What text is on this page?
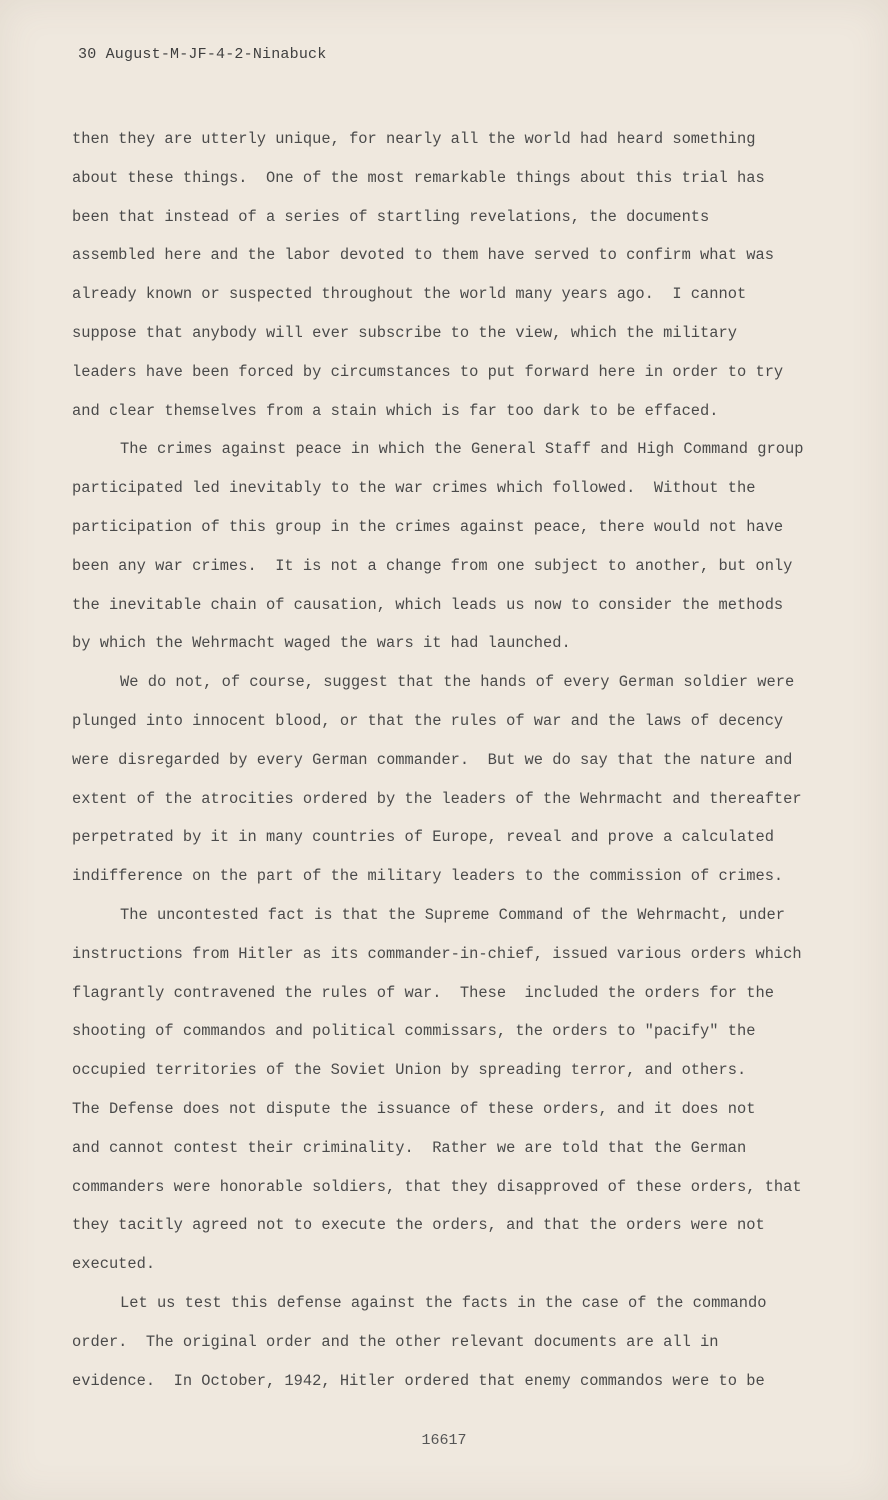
30 August-M-JF-4-2-Ninabuck
then they are utterly unique, for nearly all the world had heard something
about these things.  One of the most remarkable things about this trial has
been that instead of a series of startling revelations, the documents
assembled here and the labor devoted to them have served to confirm what was
already known or suspected throughout the world many years ago.  I cannot
suppose that anybody will ever subscribe to the view, which the military
leaders have been forced by circumstances to put forward here in order to try
and clear themselves from a stain which is far too dark to be effaced.
The crimes against peace in which the General Staff and High Command group
participated led inevitably to the war crimes which followed.  Without the
participation of this group in the crimes against peace, there would not have
been any war crimes.  It is not a change from one subject to another, but only
the inevitable chain of causation, which leads us now to consider the methods
by which the Wehrmacht waged the wars it had launched.
We do not, of course, suggest that the hands of every German soldier were
plunged into innocent blood, or that the rules of war and the laws of decency
were disregarded by every German commander.  But we do say that the nature and
extent of the atrocities ordered by the leaders of the Wehrmacht and thereafter
perpetrated by it in many countries of Europe, reveal and prove a calculated
indifference on the part of the military leaders to the commission of crimes.
The uncontested fact is that the Supreme Command of the Wehrmacht, under
instructions from Hitler as its commander-in-chief, issued various orders which
flagrantly contravened the rules of war.  These  included the orders for the
shooting of commandos and political commissars, the orders to "pacify" the
occupied territories of the Soviet Union by spreading terror, and others.
The Defense does not dispute the issuance of these orders, and it does not
and cannot contest their criminality.  Rather we are told that the German
commanders were honorable soldiers, that they disapproved of these orders, that
they tacitly agreed not to execute the orders, and that the orders were not
executed.
Let us test this defense against the facts in the case of the commando
order.  The original order and the other relevant documents are all in
evidence.  In October, 1942, Hitler ordered that enemy commandos were to be
16617
